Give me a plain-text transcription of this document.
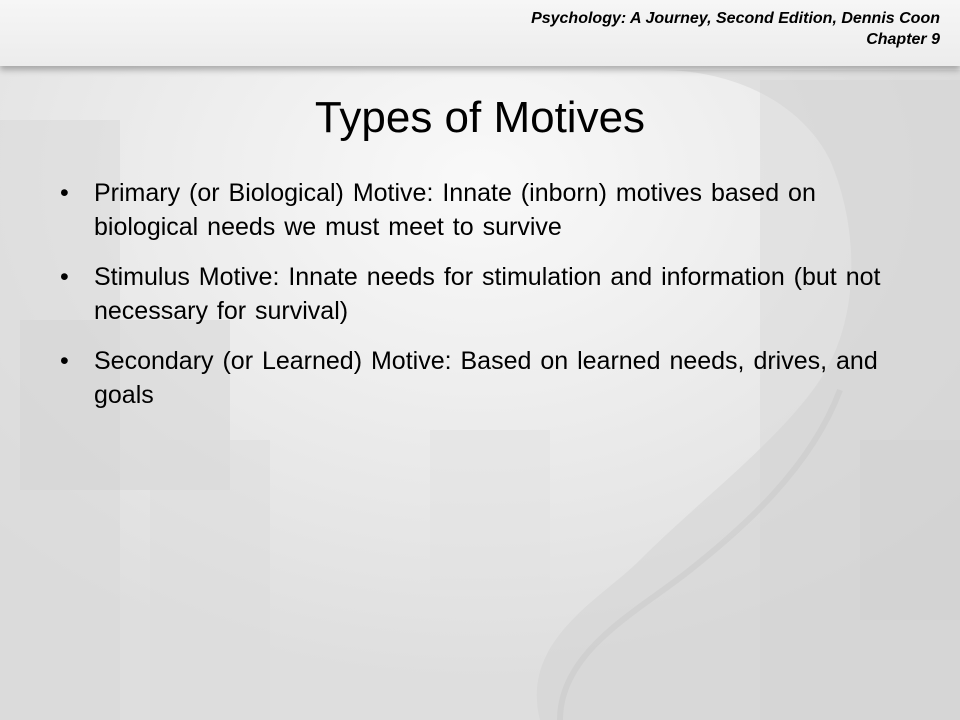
Psychology: A Journey, Second Edition, Dennis Coon
Chapter 9
Types of Motives
• Primary (or Biological) Motive: Innate (inborn) motives based on biological needs we must meet to survive
• Stimulus Motive: Innate needs for stimulation and information (but not necessary for survival)
• Secondary (or Learned) Motive: Based on learned needs, drives, and goals
